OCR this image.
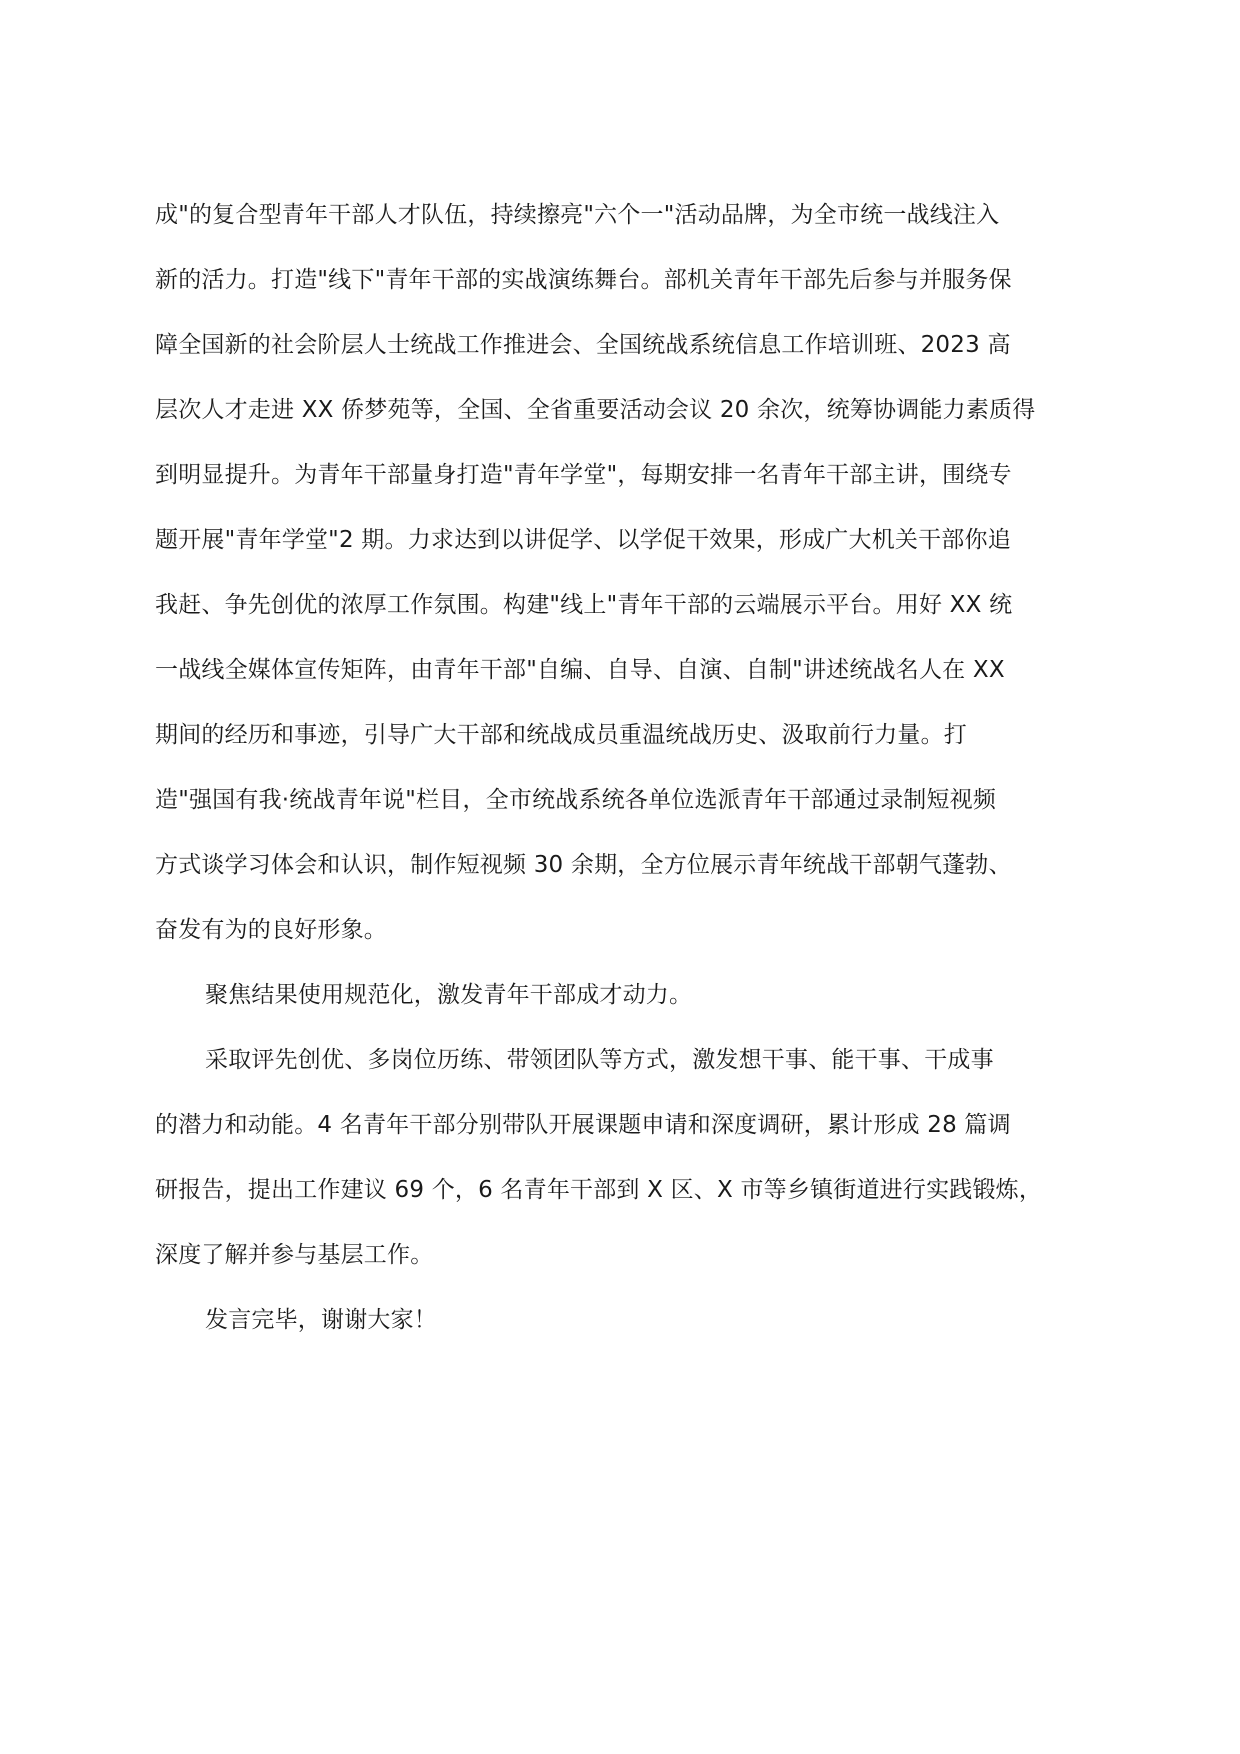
成"的复合型青年干部人才队伍，持续擦亮"六个一"活动品牌，为全市统一战线注入

新的活力。打造"线下"青年干部的实战演练舞台。部机关青年干部先后参与并服务保

障全国新的社会阶层人士统战工作推进会、全国统战系统信息工作培训班、2023 高

层次人才走进 XX 侨梦苑等，全国、全省重要活动会议 20 余次，统筹协调能力素质得

到明显提升。为青年干部量身打造"青年学堂"，每期安排一名青年干部主讲，围绕专

题开展"青年学堂"2 期。力求达到以讲促学、以学促干效果，形成广大机关干部你追

我赶、争先创优的浓厚工作氛围。构建"线上"青年干部的云端展示平台。用好 XX 统

一战线全媒体宣传矩阵，由青年干部"自编、自导、自演、自制"讲述统战名人在 XX

期间的经历和事迹，引导广大干部和统战成员重温统战历史、汲取前行力量。打

造"强国有我·统战青年说"栏目，全市统战系统各单位选派青年干部通过录制短视频

方式谈学习体会和认识，制作短视频 30 余期，全方位展示青年统战干部朝气蓬勃、

奋发有为的良好形象。

聚焦结果使用规范化，激发青年干部成才动力。

采取评先创优、多岗位历练、带领团队等方式，激发想干事、能干事、干成事

的潜力和动能。4 名青年干部分别带队开展课题申请和深度调研，累计形成 28 篇调

研报告，提出工作建议 69 个，6 名青年干部到 X 区、X 市等乡镇街道进行实践锻炼，

深度了解并参与基层工作。

发言完毕，谢谢大家！
